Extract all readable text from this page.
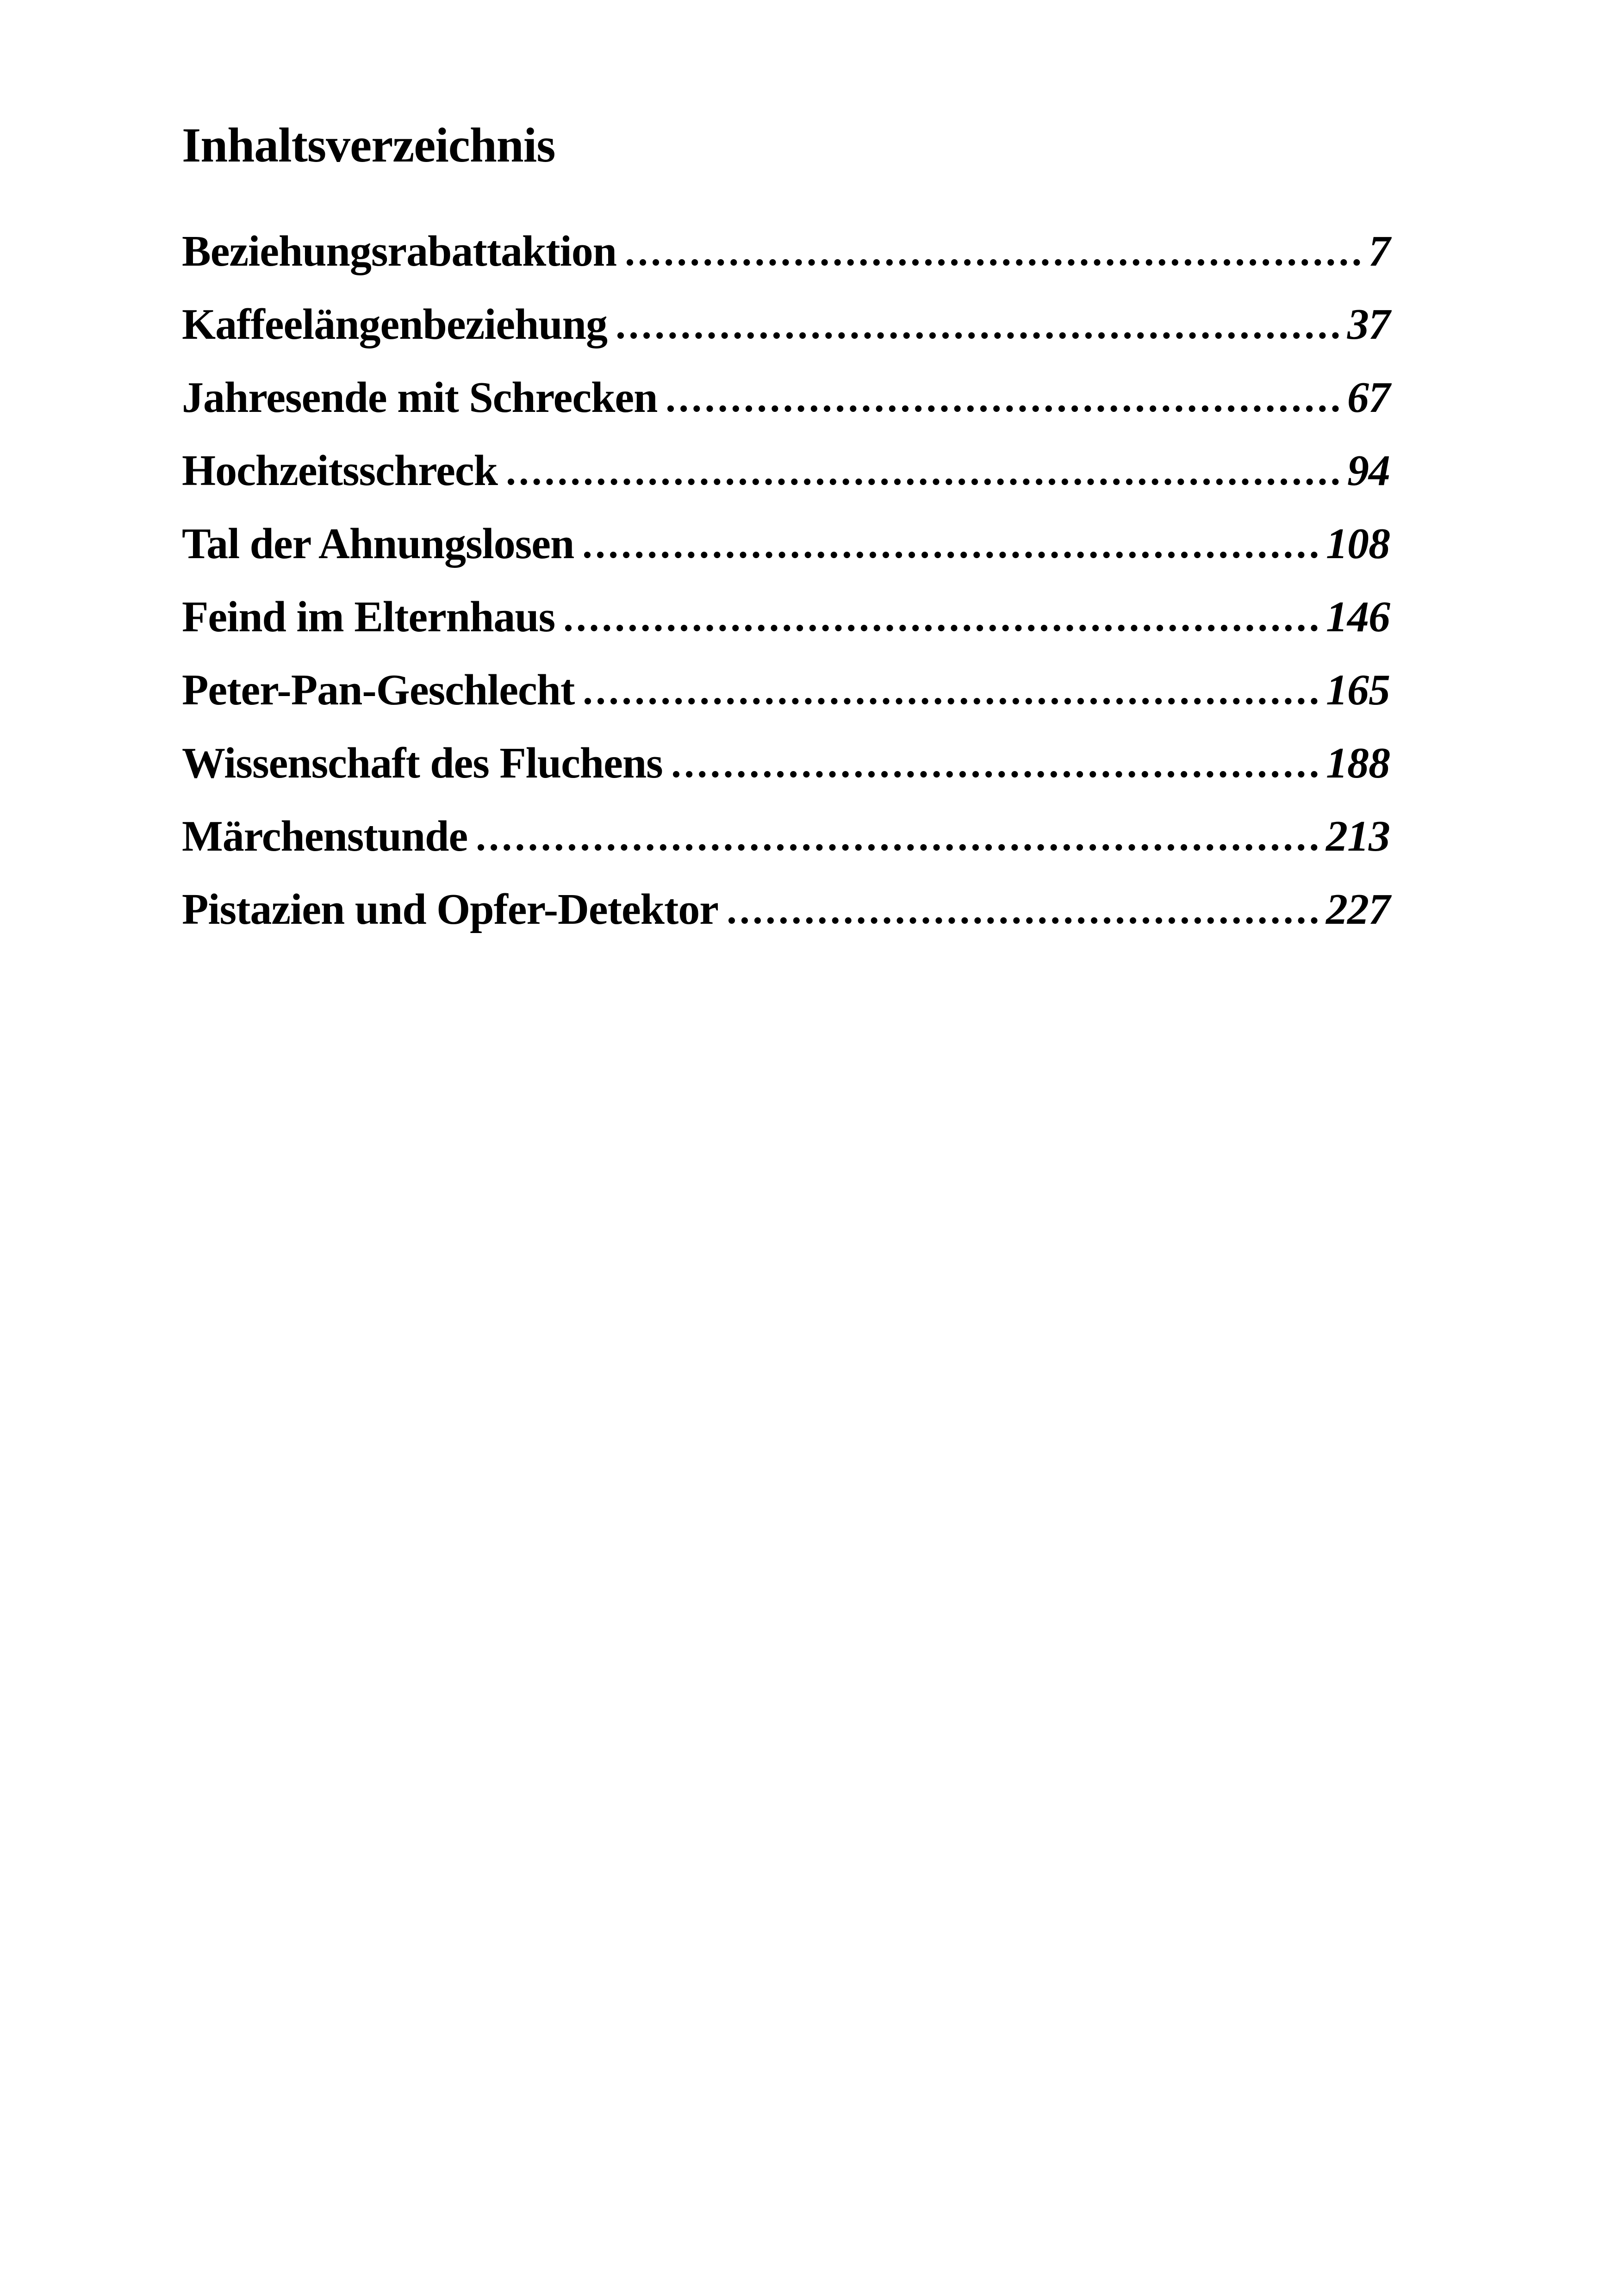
Inhaltsverzeichnis
Beziehungsrabattaktion	7
Kaffeelängenbeziehung	37
Jahresende mit Schrecken	67
Hochzeitsschreck	94
Tal der Ahnungslosen	108
Feind im Elternhaus	146
Peter-Pan-Geschlecht	165
Wissenschaft des Fluchens	188
Märchenstunde	213
Pistazien und Opfer-Detektor	227
